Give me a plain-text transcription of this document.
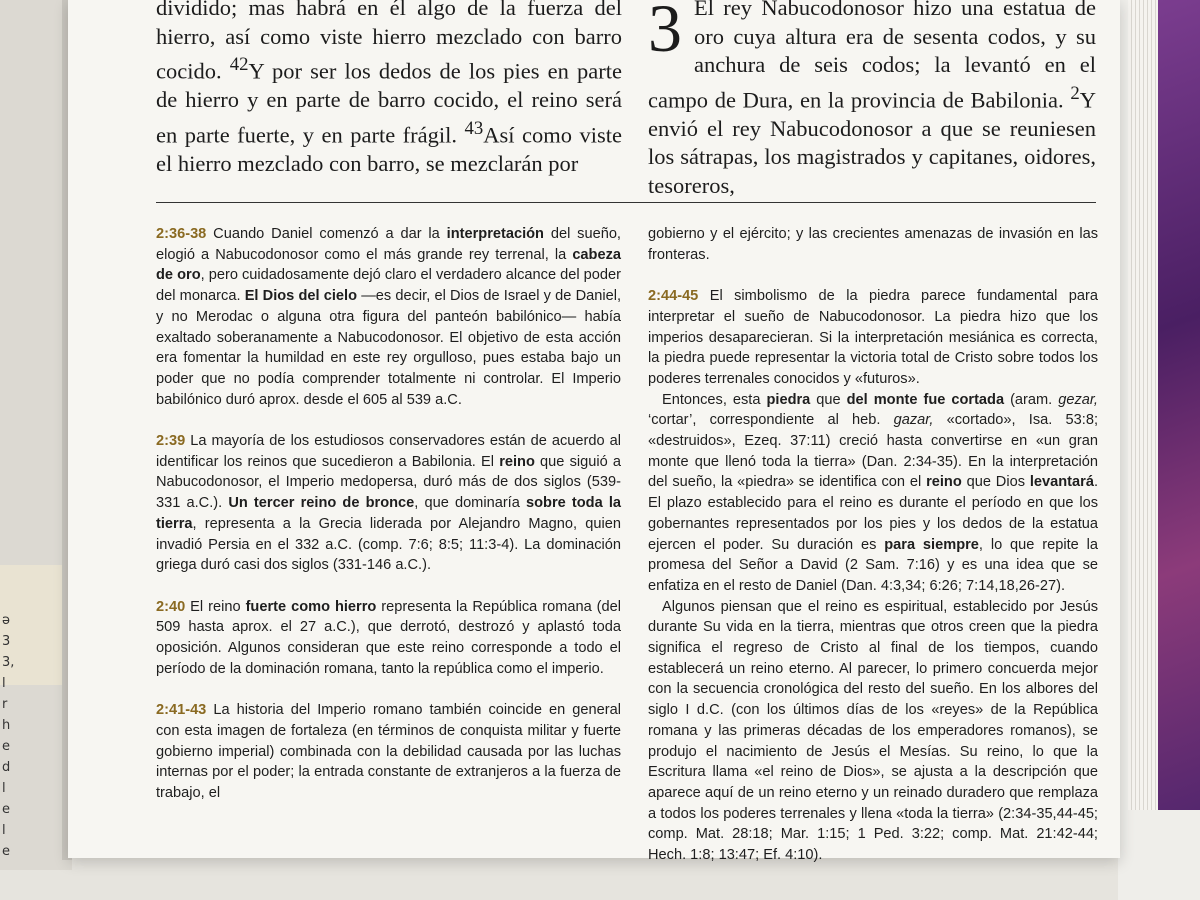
ə
3
3,
l
r
h
e
d
l
e
l
e

dividido; mas habrá en él algo de la fuerza del hierro, así como viste hierro mezclado con barro cocido. $^{42}$Y por ser los dedos de los pies en parte de hierro y en parte de barro cocido, el reino será en parte fuerte, y en parte frágil. $^{43}$Así como viste el hierro mezclado con barro, se mezclarán por

3 El rey Nabucodonosor hizo una estatua de oro cuya altura era de sesenta codos, y su anchura de seis codos; la levantó en el campo de Dura, en la provincia de Babilonia. $^2$Y envió el rey Nabucodonosor a que se reuniesen los sátrapas, los magistrados y capitanes, oidores, tesoreros,

2:36-38 Cuando Daniel comenzó a dar la interpretación del sueño, elogió a Nabucodonosor como el más grande rey terrenal, la cabeza de oro, pero cuidadosamente dejó claro el verdadero alcance del poder del monarca. El Dios del cielo —es decir, el Dios de Israel y de Daniel, y no Merodac o alguna otra figura del panteón babilónico— había exaltado soberanamente a Nabucodonosor. El objetivo de esta acción era fomentar la humildad en este rey orgulloso, pues estaba bajo un poder que no podía comprender totalmente ni controlar. El Imperio babilónico duró aprox. desde el 605 al 539 a.C.

2:39 La mayoría de los estudiosos conservadores están de acuerdo al identificar los reinos que sucedieron a Babilonia. El reino que siguió a Nabucodonosor, el Imperio medopersa, duró más de dos siglos (539-331 a.C.). Un tercer reino de bronce, que dominaría sobre toda la tierra, representa a la Grecia liderada por Alejandro Magno, quien invadió Persia en el 332 a.C. (comp. 7:6; 8:5; 11:3-4). La dominación griega duró casi dos siglos (331-146 a.C.).

2:40 El reino fuerte como hierro representa la República romana (del 509 hasta aprox. el 27 a.C.), que derrotó, destrozó y aplastó toda oposición. Algunos consideran que este reino corresponde a todo el período de la dominación romana, tanto la república como el imperio.

2:41-43 La historia del Imperio romano también coincide en general con esta imagen de fortaleza (en términos de conquista militar y fuerte gobierno imperial) combinada con la debilidad causada por las luchas internas por el poder; la entrada constante de extranjeros a la fuerza de trabajo, el

gobierno y el ejército; y las crecientes amenazas de invasión en las fronteras.

2:44-45 El simbolismo de la piedra parece fundamental para interpretar el sueño de Nabucodonosor. La piedra hizo que los imperios desaparecieran. Si la interpretación mesiánica es correcta, la piedra puede representar la victoria total de Cristo sobre todos los poderes terrenales conocidos y «futuros».

Entonces, esta piedra que del monte fue cortada (aram. gezar, ‘cortar’, correspondiente al heb. gazar, «cortado», Isa. 53:8; «destruidos», Ezeq. 37:11) creció hasta convertirse en «un gran monte que llenó toda la tierra» (Dan. 2:34-35). En la interpretación del sueño, la «piedra» se identifica con el reino que Dios levantará. El plazo establecido para el reino es durante el período en que los gobernantes representados por los pies y los dedos de la estatua ejercen el poder. Su duración es para siempre, lo que repite la promesa del Señor a David (2 Sam. 7:16) y es una idea que se enfatiza en el resto de Daniel (Dan. 4:3,34; 6:26; 7:14,18,26-27).

Algunos piensan que el reino es espiritual, establecido por Jesús durante Su vida en la tierra, mientras que otros creen que la piedra significa el regreso de Cristo al final de los tiempos, cuando establecerá un reino eterno. Al parecer, lo primero concuerda mejor con la secuencia cronológica del resto del sueño. En los albores del siglo I d.C. (con los últimos días de los «reyes» de la República romana y las primeras décadas de los emperadores romanos), se produjo el nacimiento de Jesús el Mesías. Su reino, lo que la Escritura llama «el reino de Dios», se ajusta a la descripción que aparece aquí de un reino eterno y un reinado duradero que remplaza a todos los poderes terrenales y llena «toda la tierra» (2:34-35,44-45; comp. Mat. 28:18; Mar. 1:15; 1 Ped. 3:22; comp. Mat. 21:42-44; Hech. 1:8; 13:47; Ef. 4:10).
